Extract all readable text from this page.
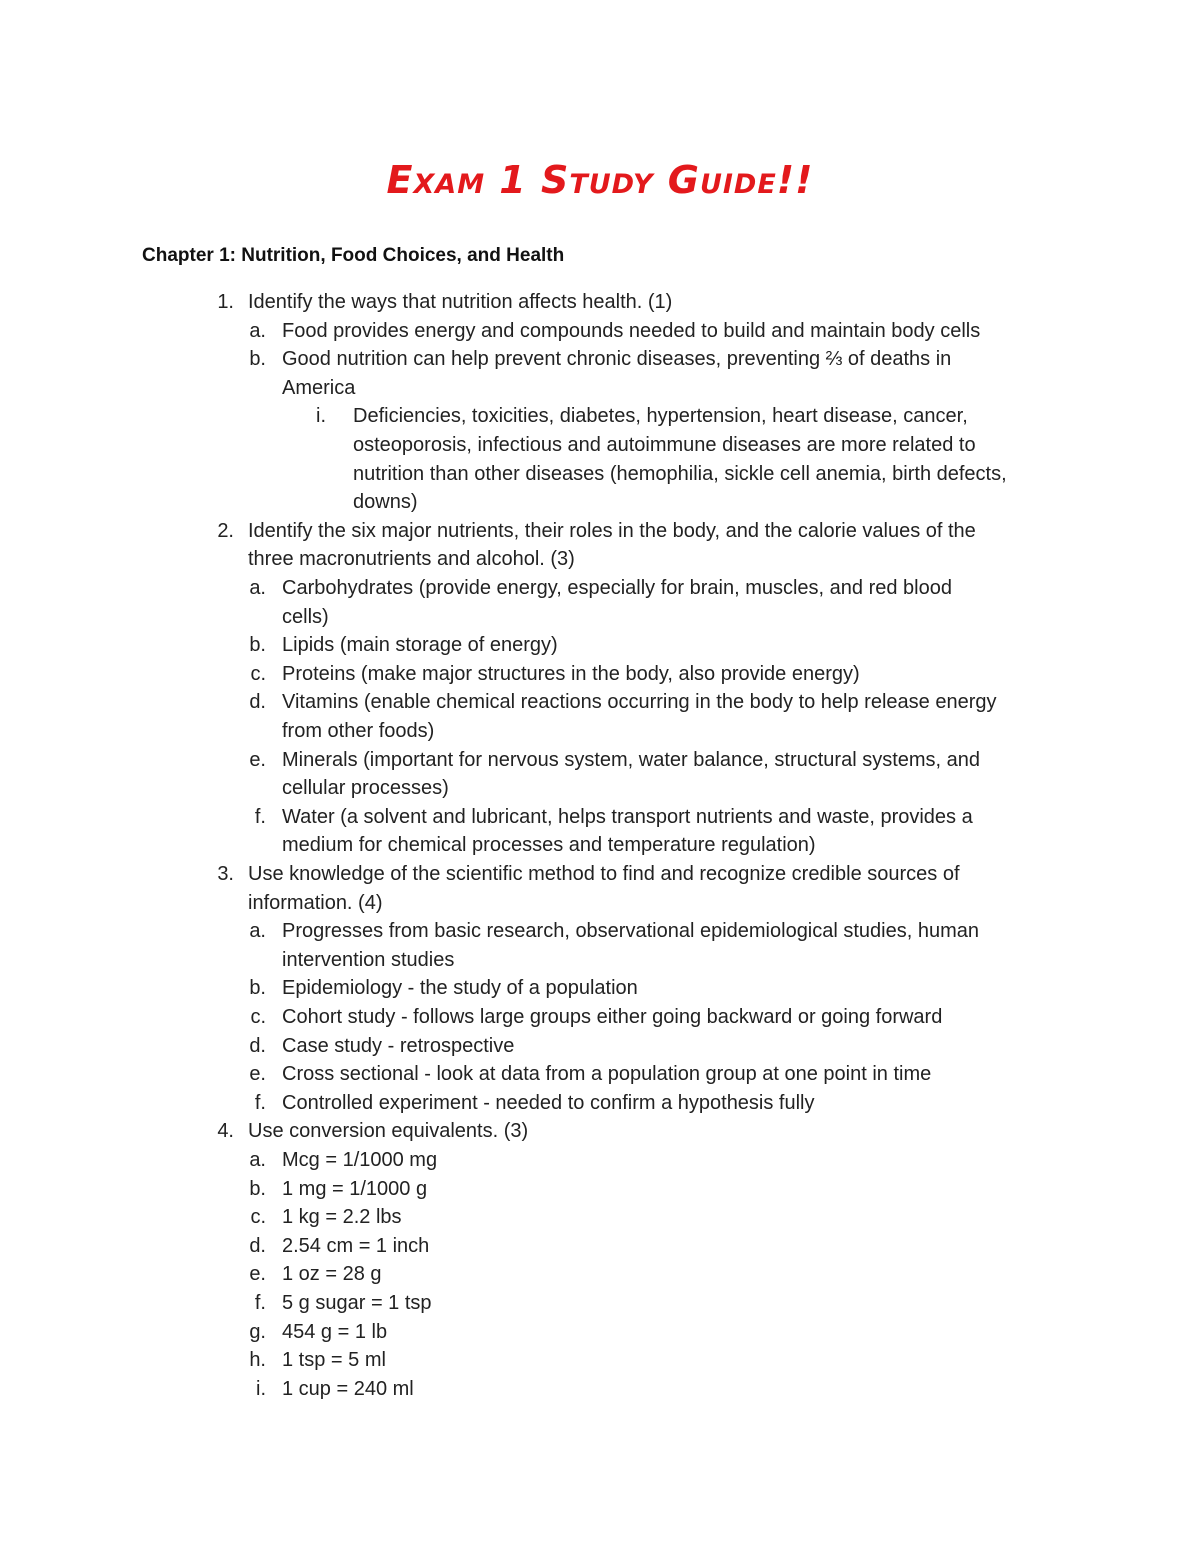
Exam 1 Study Guide!!
Chapter 1: Nutrition, Food Choices, and Health
1. Identify the ways that nutrition affects health. (1)
a. Food provides energy and compounds needed to build and maintain body cells
b. Good nutrition can help prevent chronic diseases, preventing ⅔ of deaths in
America
i. Deficiencies, toxicities, diabetes, hypertension, heart disease, cancer,
osteoporosis, infectious and autoimmune diseases are more related to
nutrition than other diseases (hemophilia, sickle cell anemia, birth defects,
downs)
2. Identify the six major nutrients, their roles in the body, and the calorie values of the
three macronutrients and alcohol. (3)
a. Carbohydrates (provide energy, especially for brain, muscles, and red blood
cells)
b. Lipids (main storage of energy)
c. Proteins (make major structures in the body, also provide energy)
d. Vitamins (enable chemical reactions occurring in the body to help release energy
from other foods)
e. Minerals (important for nervous system, water balance, structural systems, and
cellular processes)
f. Water (a solvent and lubricant, helps transport nutrients and waste, provides a
medium for chemical processes and temperature regulation)
3. Use knowledge of the scientific method to find and recognize credible sources of
information. (4)
a. Progresses from basic research, observational epidemiological studies, human
intervention studies
b. Epidemiology - the study of a population
c. Cohort study - follows large groups either going backward or going forward
d. Case study - retrospective
e. Cross sectional - look at data from a population group at one point in time
f. Controlled experiment - needed to confirm a hypothesis fully
4. Use conversion equivalents. (3)
a. Mcg = 1/1000 mg
b. 1 mg = 1/1000 g
c. 1 kg = 2.2 lbs
d. 2.54 cm = 1 inch
e. 1 oz = 28 g
f. 5 g sugar = 1 tsp
g. 454 g = 1 lb
h. 1 tsp = 5 ml
i. 1 cup = 240 ml
